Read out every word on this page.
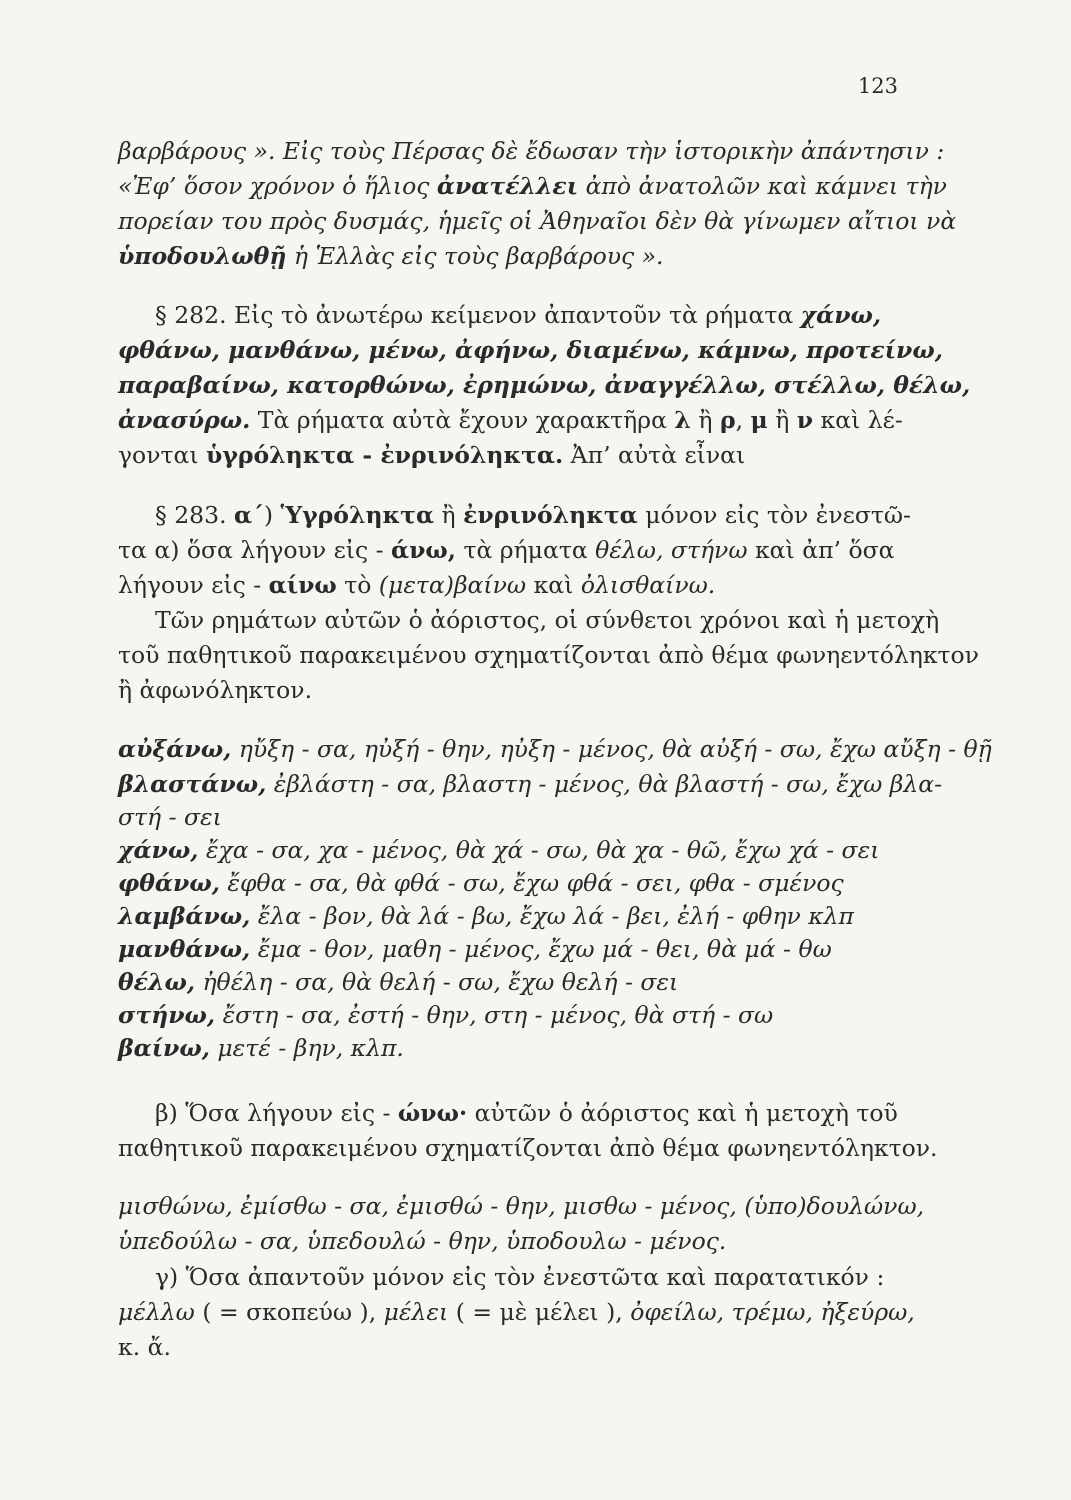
123
βαρβάρους ». Εἰς τοὺς Πέρσας δὲ ἔδωσαν τὴν ἱστορικὴν ἀπάντησιν :
«Ἐφ’ ὅσον χρόνον ὁ ἥλιος ἀνατέλλει ἀπὸ ἀνατολῶν καὶ κάμνει τὴν
πορείαν του πρὸς δυσμάς, ἡμεῖς οἱ Ἀθηναῖοι δὲν θὰ γίνωμεν αἴτιοι νὰ
ὑποδουλωθῇ ἡ Ἑλλὰς εἰς τοὺς βαρβάρους ».
§ 282. Εἰς τὸ ἀνωτέρω κείμενον ἀπαντοῦν τὰ ρήματα χάνω,
φθάνω, μανθάνω, μένω, ἀφήνω, διαμένω, κάμνω, προτείνω,
παραβαίνω, κατορθώνω, ἐρημώνω, ἀναγγέλλω, στέλλω, θέλω,
ἀνασύρω. Τὰ ρήματα αὐτὰ ἔχουν χαρακτῆρα λ ἢ ρ, μ ἢ ν καὶ λέ-
γονται ὑγρόληκτα - ἐνρινόληκτα. Ἀπ’ αὐτὰ εἶναι
§ 283. α΄) Ὑγρόληκτα ἢ ἐνρινόληκτα μόνον εἰς τὸν ἐνεστῶ-
τα α) ὅσα λήγουν εἰς - άνω, τὰ ρήματα θέλω, στήνω καὶ ἀπ’ ὅσα
λήγουν εἰς - αίνω τὸ (μετα)βαίνω καὶ ὀλισθαίνω.
Τῶν ρημάτων αὐτῶν ὁ ἀόριστος, οἱ σύνθετοι χρόνοι καὶ ἡ μετοχὴ
τοῦ παθητικοῦ παρακειμένου σχηματίζονται ἀπὸ θέμα φωνηεντόληκτον
ἢ ἀφωνόληκτον.
αὐξάνω, ηὔξη - σα, ηὐξή - θην, ηὐξη - μένος, θὰ αὐξή - σω, ἔχω αὔξη - θῇ
βλαστάνω, ἐβλάστη - σα, βλαστη - μένος, θὰ βλαστή - σω, ἔχω βλα-
στή - σει
χάνω, ἔχα - σα, χα - μένος, θὰ χά - σω, θὰ χα - θῶ, ἔχω χά - σει
φθάνω, ἔφθα - σα, θὰ φθά - σω, ἔχω φθά - σει, φθα - σμένος
λαμβάνω, ἔλα - βον, θὰ λά - βω, ἔχω λά - βει, ἐλή - φθην κλπ
μανθάνω, ἔμα - θον, μαθη - μένος, ἔχω μά - θει, θὰ μά - θω
θέλω, ἠθέλη - σα, θὰ θελή - σω, ἔχω θελή - σει
στήνω, ἔστη - σα, ἐστή - θην, στη - μένος, θὰ στή - σω
βαίνω, μετέ - βην, κλπ.
β) Ὅσα λήγουν εἰς - ώνω· αὐτῶν ὁ ἀόριστος καὶ ἡ μετοχὴ τοῦ
παθητικοῦ παρακειμένου σχηματίζονται ἀπὸ θέμα φωνηεντόληκτον.
μισθώνω, ἐμίσθω - σα, ἐμισθώ - θην, μισθω - μένος, (ὑπο)δουλώνω,
ὑπεδούλω - σα, ὑπεδουλώ - θην, ὑποδουλω - μένος.
γ) Ὅσα ἀπαντοῦν μόνον εἰς τὸν ἐνεστῶτα καὶ παρατατικόν :
μέλλω ( = σκοπεύω ), μέλει ( = μὲ μέλει ), ὀφείλω, τρέμω, ἠξεύρω,
κ. ἄ.
